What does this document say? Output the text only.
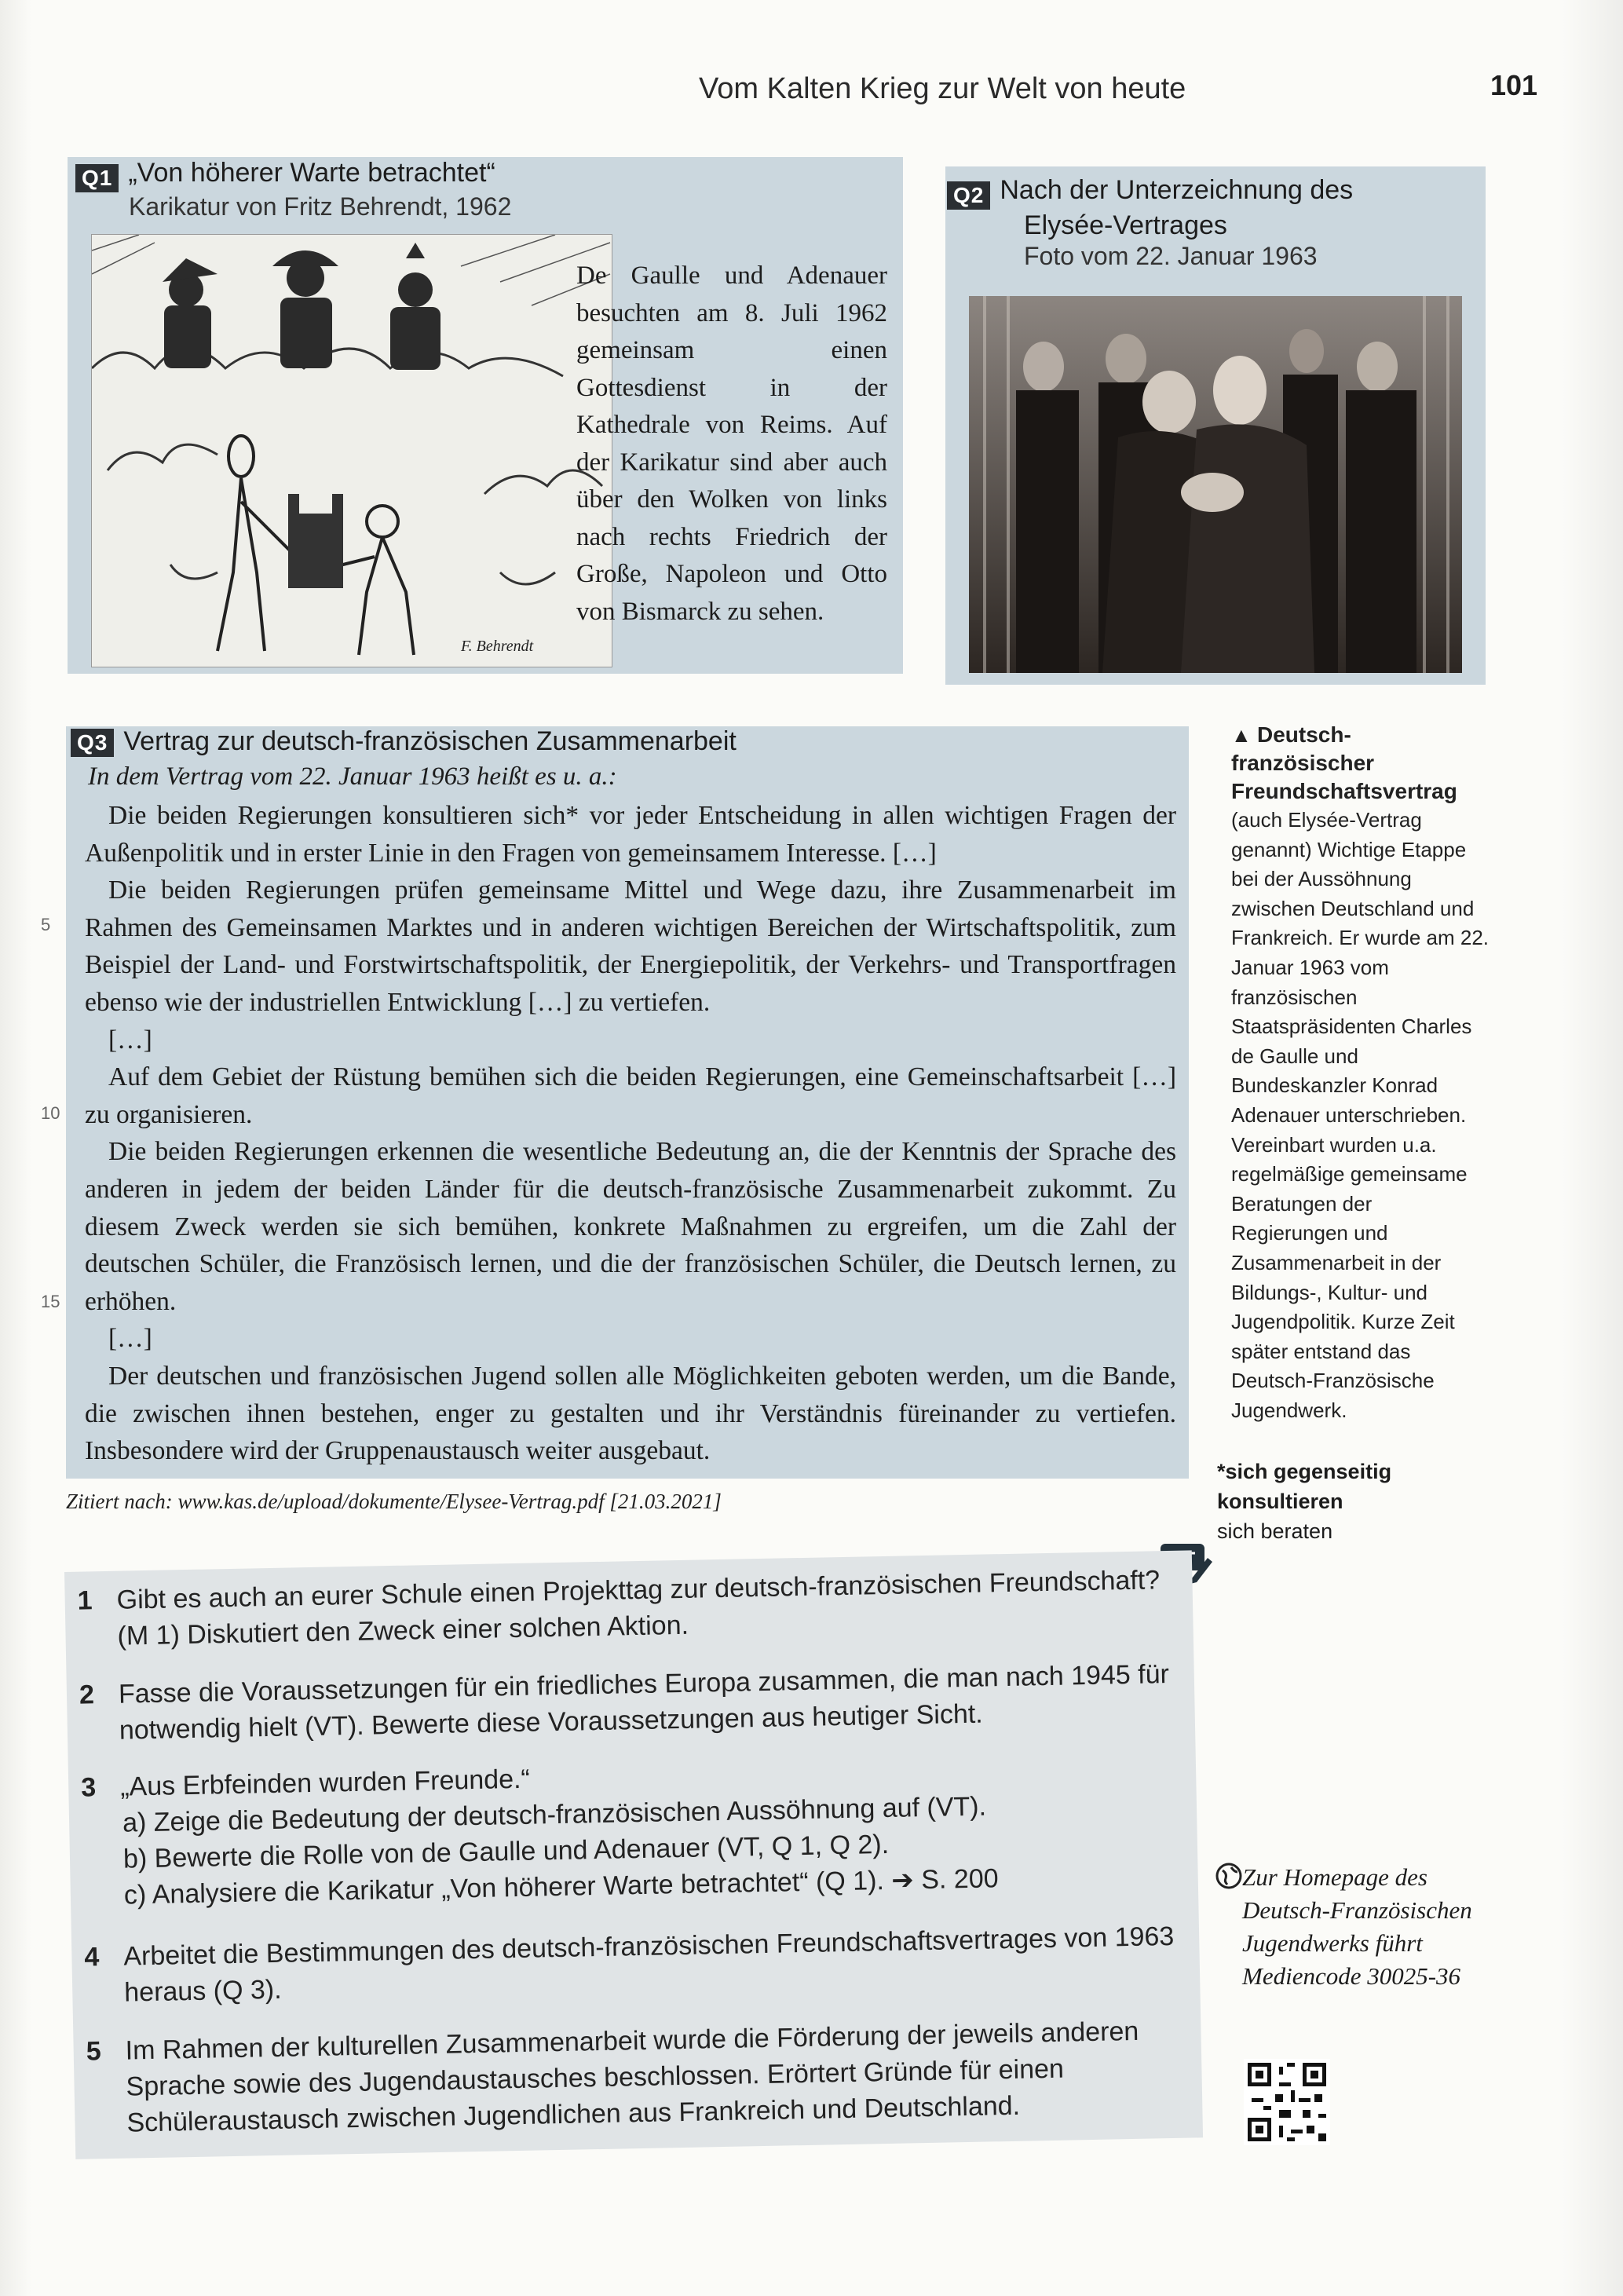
Vom Kalten Krieg zur Welt von heute	101
Q1 „Von höherer Warte betrachtet“
Karikatur von Fritz Behrendt, 1962
F. Behrendt
De Gaulle und Adenauer besuchten am 8. Juli 1962 gemeinsam einen Gottesdienst in der Kathedrale von Reims. Auf der Karikatur sind aber auch über den Wolken von links nach rechts Friedrich der Große, Napoleon und Otto von Bismarck zu sehen.
Q2 Nach der Unterzeichnung des
Elysée-Vertrages
Foto vom 22. Januar 1963
Q3 Vertrag zur deutsch-französischen Zusammenarbeit
In dem Vertrag vom 22. Januar 1963 heißt es u. a.:

Die beiden Regierungen konsultieren sich* vor jeder Entscheidung in allen wichtigen Fragen der Außenpolitik und in erster Linie in den Fragen von gemeinsamem Interesse. […]

Die beiden Regierungen prüfen gemeinsame Mittel und Wege dazu, ihre Zusammenarbeit im Rahmen des Gemeinsamen Marktes und in anderen wichtigen Bereichen der Wirtschaftspolitik, zum Beispiel der Land- und Forstwirtschaftspolitik, der Energiepolitik, der Verkehrs- und Transportfragen ebenso wie der industriellen Entwicklung […] zu vertiefen.

[…]

Auf dem Gebiet der Rüstung bemühen sich die beiden Regierungen, eine Gemeinschaftsarbeit […] zu organisieren.

Die beiden Regierungen erkennen die wesentliche Bedeutung an, die der Kenntnis der Sprache des anderen in jedem der beiden Länder für die deutsch-französische Zusammenarbeit zukommt. Zu diesem Zweck werden sie sich bemühen, konkrete Maßnahmen zu ergreifen, um die Zahl der deutschen Schüler, die Französisch lernen, und die der französischen Schüler, die Deutsch lernen, zu erhöhen.

[…]

Der deutschen und französischen Jugend sollen alle Möglichkeiten geboten werden, um die Bande, die zwischen ihnen bestehen, enger zu gestalten und ihr Verständnis füreinander zu vertiefen. Insbesondere wird der Gruppenaustausch weiter ausgebaut.

5
10
15
Zitiert nach: www.kas.de/upload/dokumente/Elysee-Vertrag.pdf [21.03.2021]
▲ Deutsch-französischer Freundschaftsvertrag
(auch Elysée-Vertrag genannt) Wichtige Etappe bei der Aussöhnung zwischen Deutschland und Frankreich. Er wurde am 22. Januar 1963 vom französischen Staatspräsidenten Charles de Gaulle und Bundeskanzler Konrad Adenauer unterschrieben. Vereinbart wurden u.a. regelmäßige gemeinsame Beratungen der Regierungen und Zusammenarbeit in der Bildungs-, Kultur- und Jugendpolitik. Kurze Zeit später entstand das Deutsch-Französische Jugendwerk.
*sich gegenseitig konsultieren
sich beraten
1 Gibt es auch an eurer Schule einen Projekttag zur deutsch-französischen Freundschaft? (M 1) Diskutiert den Zweck einer solchen Aktion.
2 Fasse die Voraussetzungen für ein friedliches Europa zusammen, die man nach 1945 für notwendig hielt (VT). Bewerte diese Voraussetzungen aus heutiger Sicht.
3 „Aus Erbfeinden wurden Freunde.“
a) Zeige die Bedeutung der deutsch-französischen Aussöhnung auf (VT).
b) Bewerte die Rolle von de Gaulle und Adenauer (VT, Q 1, Q 2).
c) Analysiere die Karikatur „Von höherer Warte betrachtet“ (Q 1). ➔ S. 200
4 Arbeitet die Bestimmungen des deutsch-französischen Freundschaftsvertrages von 1963 heraus (Q 3).
5 Im Rahmen der kulturellen Zusammenarbeit wurde die Förderung der jeweils anderen Sprache sowie des Jugendaustausches beschlossen. Erörtert Gründe für einen Schüleraustausch zwischen Jugendlichen aus Frankreich und Deutschland.
Zur Homepage des Deutsch-Französischen Jugendwerks führt Mediencode 30025-36
